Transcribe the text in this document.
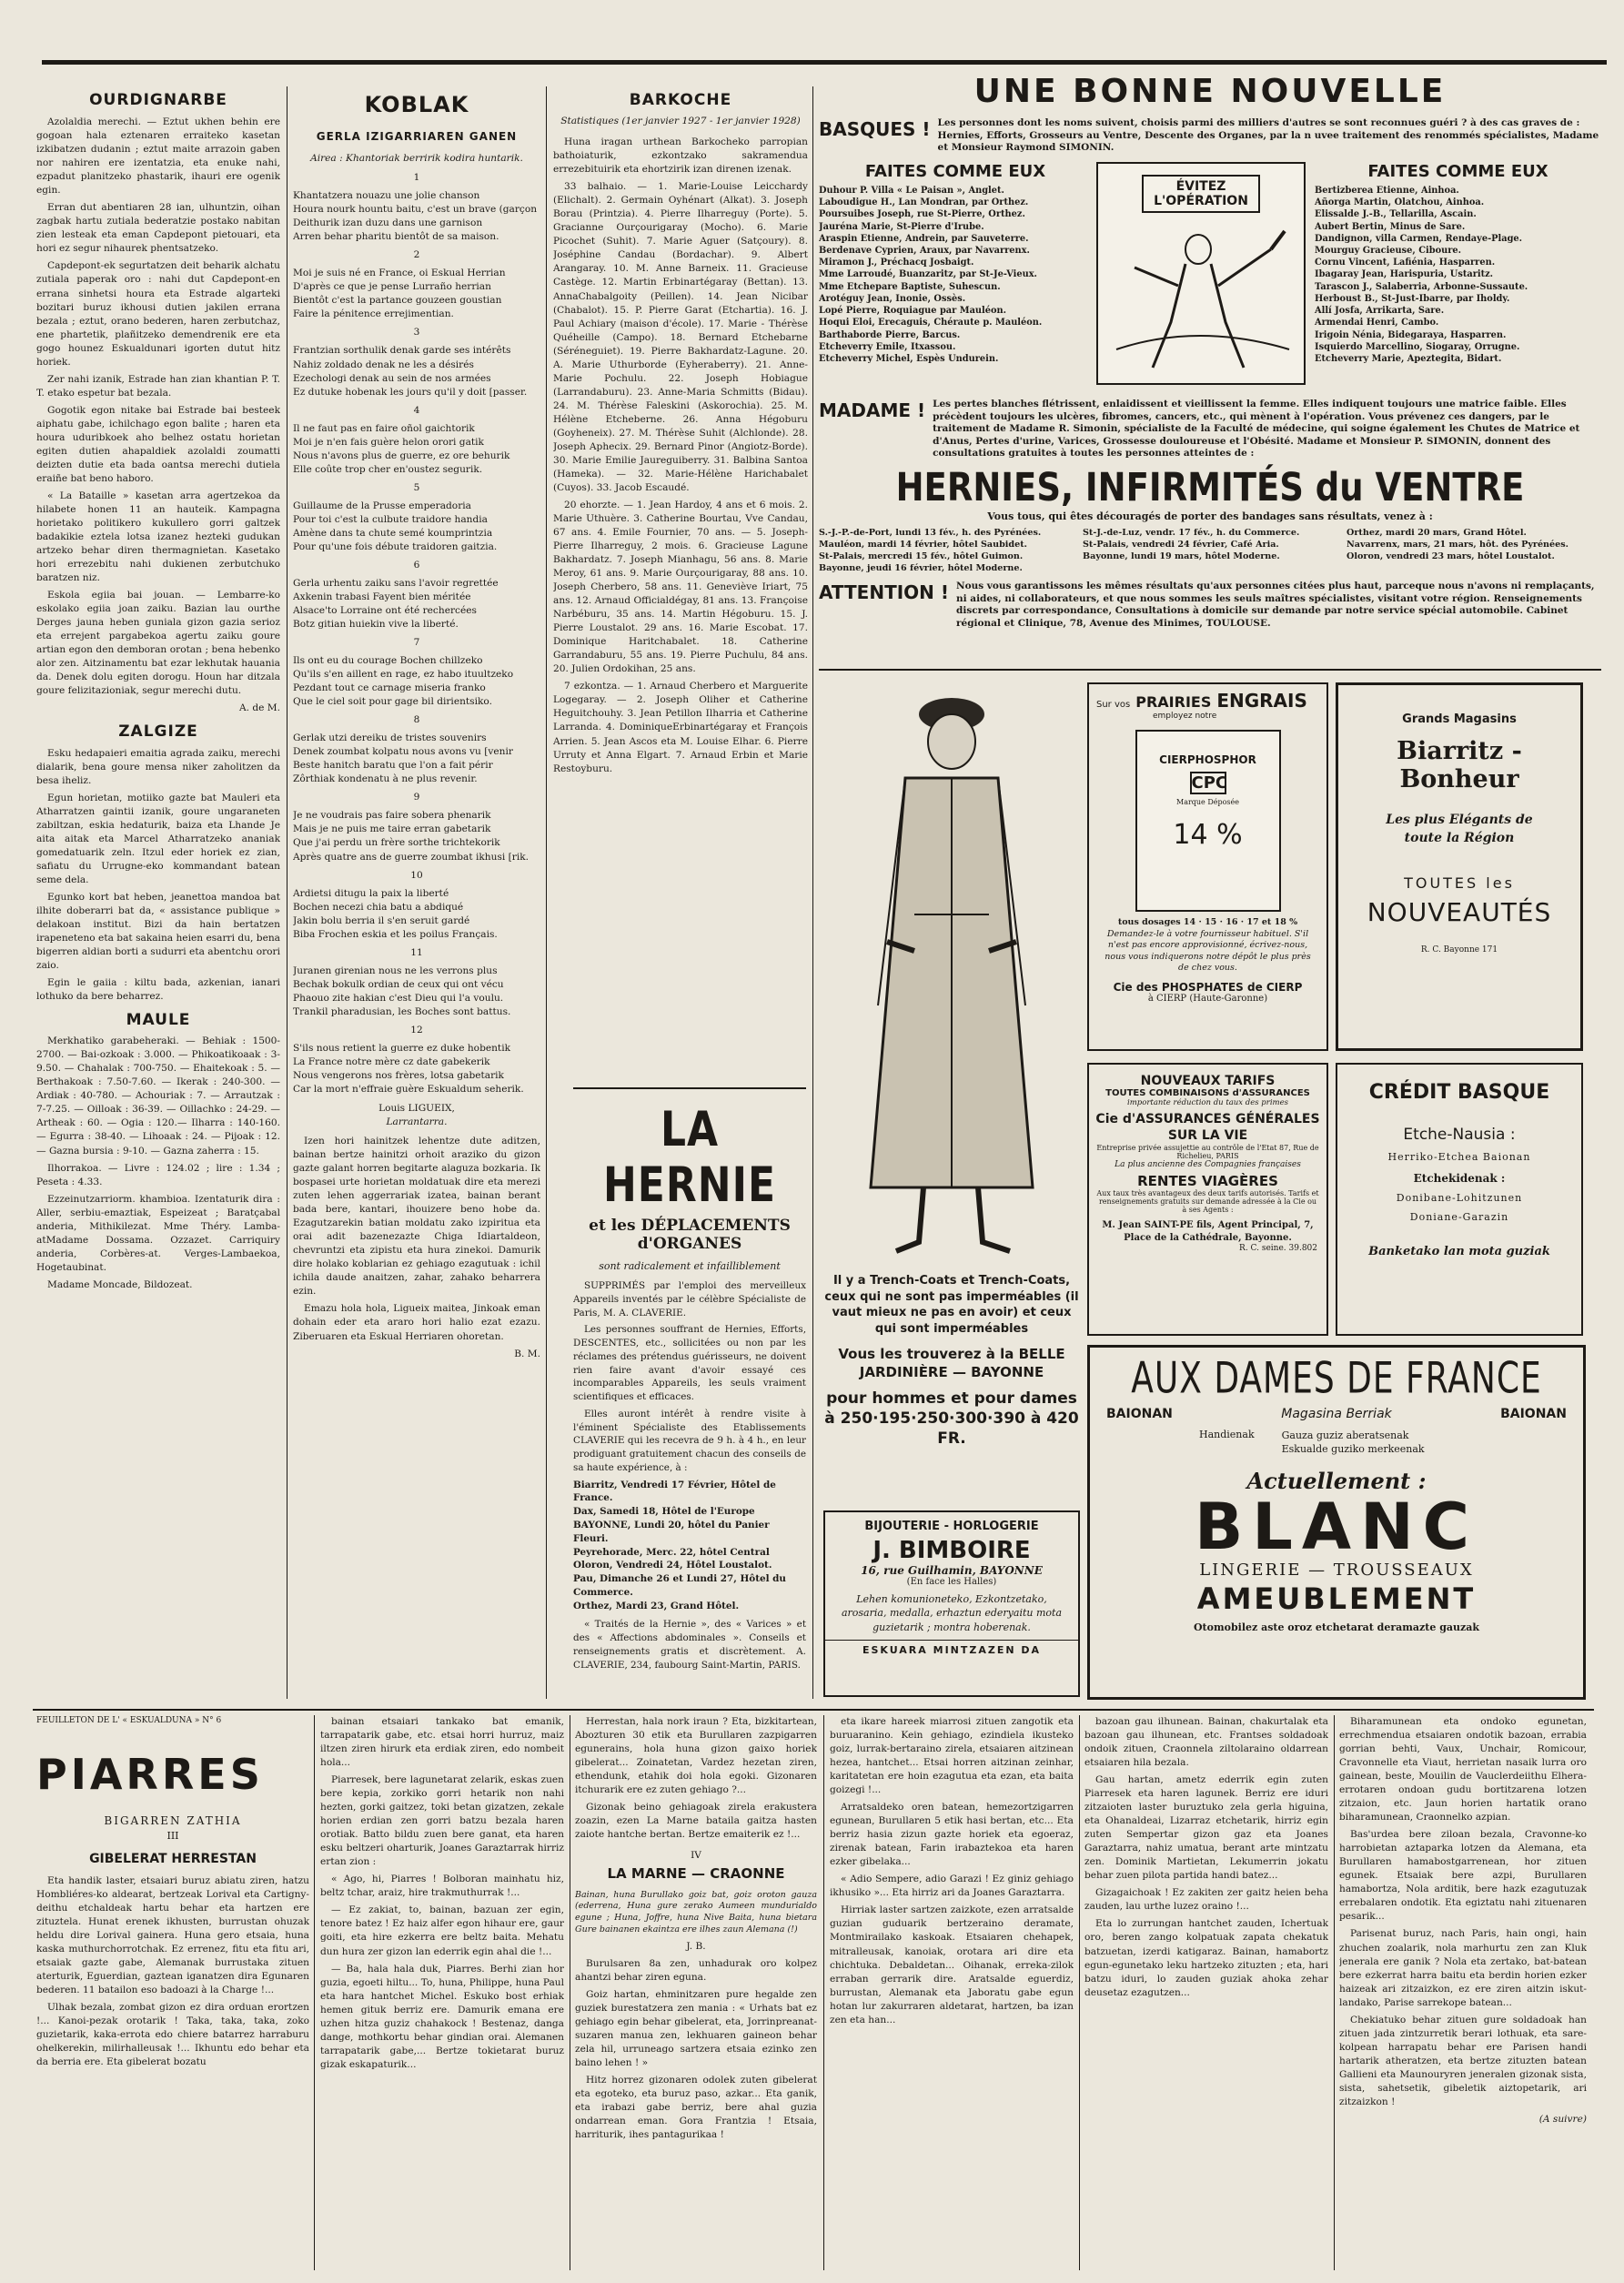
OURDIGNARBE

Azolaldia merechi. — Eztut ukhen behin ere gogoan hala eztenaren erraiteko kasetan izkibatzen dudanin ; eztut maite arrazoin gaben nor nahiren ere izentatzia, eta enuke nahi, ezpadut planitzeko phastarik, ihauri ere ogenik egin.

Erran dut abentiaren 28 ian, ulhuntzin, oihan zagbak hartu zutiala bederatzie postako nabitan zien lesteak eta eman Capdepont pietouari, eta hori ez segur nihaurek phentsatzeko.

Capdepont-ek segurtatzen deit beharik alchatu zutiala paperak oro : nahi dut Capdepont-en errana sinhetsi houra eta Estrade algarteki bozitari buruz ikhousi dutien jakilen errana bezala ; eztut, orano bederen, haren zerbutchaz, ene phartetik, plañitzeko demendrenik ere eta gogo hounez Eskualdunari igorten dutut hitz horiek.

Zer nahi izanik, Estrade han zian khantian P. T. T. etako espetur bat bezala.

Gogotik egon nitake bai Estrade bai besteek aiphatu gabe, ichilchago egon balite ; haren eta houra uduribkoek aho belhez ostatu horietan egiten dutien ahapaldiek azolaldi zoumatti deizten dutie eta bada oantsa merechi dutiela eraiñe bat beno haboro.

« La Bataille » kasetan arra agertzekoa da hilabete honen 11 an hauteik. Kampagna horietako politikero kukullero gorri galtzek badakikie eztela lotsa izanez hezteki gudukan artzeko behar diren thermagnietan. Kasetako hori errezebitu nahi dukienen zerbutchuko baratzen niz.

Eskola egiia bai jouan. — Lembarre-ko eskolako egiia joan zaiku. Bazian lau ourthe Derges jauna heben guniala gizon gazia serioz eta errejent pargabekoa agertu zaiku goure artian egon den demboran orotan ; bena hebenko alor zen. Aitzinamentu bat ezar lekhutak hauania da. Denek dolu egiten dorogu. Houn har ditzala goure felizitazioniak, segur merechi dutu.

A. de M.
ZALGIZE

Esku hedapaieri emaitia agrada zaiku, merechi dialarik, bena goure mensa niker zaholitzen da besa iheliz.

Egun horietan, motiiko gazte bat Mauleri eta Atharratzen gaintii izanik, goure ungaraneten zabiltzan, eskia hedaturik, baiza eta Lhande Je aita aitak eta Marcel Atharratzeko ananiak gomedatuarik zeln. Itzul eder horiek ez zian, safiatu du Urrugne-eko kommandant batean seme dela.

Egunko kort bat heben, jeanettoa mandoa bat ilhite doberarri bat da, « assistance publique » delakoan institut. Bizi da hain bertatzen irapeneteno eta bat sakaina heien esarri du, bena bigerren aldian borti a sudurri eta abentchu orori zaio.

Egin le gaiia : kiltu bada, azkenian, ianari lothuko da bere beharrez.

MAULE

Merkhatiko garabeheraki. — Behiak : 1500-2700. — Bai-ozkoak : 3.000. — Phikoatikoaak : 3-9.50. — Chahalak : 700-750. — Ehaitekoak : 5. — Berthakoak : 7.50-7.60. — Ikerak : 240-300. — Ardiak : 40-780. — Achouriak : 7. — Arrautzak : 7-7.25. — Oilloak : 36-39. — Oillachko : 24-29. — Artheak : 60. — Ogia : 120.— Ilharra : 140-160. — Egurra : 38-40. — Lihoaak : 24. — Pijoak : 12. — Gazna bursia : 9-10. — Gazna zaherra : 15.

Ilhorrakoa. — Livre : 124.02 ; lire : 1.34 ; Peseta : 4.33.

Ezzeinutzarriorm. khambioa. Izentaturik dira : Aller, serbiu-emaztiak, Espeizeat ; Baratçabal anderia, Mithikilezat. Mme Théry. Lamba-atMadame Dossama. Ozzazet. Carriquiry anderia, Corbères-at. Verges-Lambaekoa, Hogetaubinat.

Madame Moncade, Bildozeat.

KOBLAK
GERLA IZIGARRIAREN GANEN
Airea : Khantoriak berririk kodira huntarik.
1
Khantatzera nouazu une jolie chanson
Houra nourk hountu baitu, c'est un brave (garçon
Deithurik izan duzu dans une garnison
Arren behar pharitu bientôt de sa maison.
2
Moi je suis né en France, oi Eskual Herrian
D'après ce que je pense Lurraño herrian
Bientôt c'est la partance gouzeen goustian
Faire la pénitence errejimentian.
3
Frantzian sorthulik denak garde ses intérêts
Nahiz zoldado denak ne les a désirés
Ezechologi denak au sein de nos armées
Ez dutuke hobenak les jours qu'il y doit [passer.
4
Il ne faut pas en faire oñol gaichtorik
Moi je n'en fais guère helon orori gatik
Nous n'avons plus de guerre, ez ore behurik
Elle coûte trop cher en'oustez segurik.
5
Guillaume de la Prusse emperadoria
Pour toi c'est la culbute traidore handia
Amène dans ta chute semé koumprintzia
Pour qu'une fois débute traidoren gaitzia.
6
Gerla urhentu zaiku sans l'avoir regrettée
Axkenin trabasi Fayent bien méritée
Alsace'to Lorraine ont été rechercées
Botz gitian huiekin vive la liberté.
7
Ils ont eu du courage Bochen chillzeko
Qu'ils s'en aillent en rage, ez habo ituultzeko
Pezdant tout ce carnage miseria franko
Que le ciel soit pour gage bil dirientsiko.
8
Gerlak utzi dereiku de tristes souvenirs
Denek zoumbat kolpatu nous avons vu [venir
Beste hanitch baratu que l'on a fait périr
Zôrthiak kondenatu à ne plus revenir.
9
Je ne voudrais pas faire sobera phenarik
Mais je ne puis me taire erran gabetarik
Que j'ai perdu un frère sorthe trichtekorik
Après quatre ans de guerre zoumbat ikhusi [rik.
10
Ardietsi ditugu la paix la liberté
Bochen necezi chia batu a abdiqué
Jakin bolu berria il s'en seruit gardé
Biba Frochen eskia et les poilus Français.
11
Juranen girenian nous ne les verrons plus
Bechak bokulk ordian de ceux qui ont vécu
Phaouo zite hakian c'est Dieu qui l'a voulu.
Trankil pharadusian, les Boches sont battus.
12
S'ils nous retient la guerre ez duke hobentik
La France notre mère cz date gabekerik
Nous vengerons nos frères, lotsa gabetarik
Car la mort n'effraie guère Eskualdum seherik.
Louis LIGUEIX,
Larrantarra.

Izen hori hainitzek lehentze dute aditzen, bainan bertze hainitzi orhoit araziko du gizon gazte galant horren begitarte alaguza bozkaria. Ik bospasei urte horietan moldatuak dire eta merezi zuten lehen aggerrariak izatea, bainan berant bada bere, kantari, ihouizere beno hobe da. Ezagutzarekin batian moldatu zako izpiritua eta orai adit bazenezazte Chiga Idiartaldeon, chevruntzi eta zipistu eta hura zinekoi. Damurik dire holako koblarian ez gehiago ezagutuak : ichil ichila daude anaitzen, zahar, zahako beharrera ezin.

Emazu hola hola, Ligueix maitea, Jinkoak eman dohain eder eta araro hori halio ezat ezazu. Ziberuaren eta Eskual Herriaren ohoretan.

B. M.
BARKOCHE
Statistiques (1er janvier 1927 - 1er janvier 1928)

Huna iragan urthean Barkocheko parropian bathoiaturik, ezkontzako sakramendua errezebituirik eta ehortzirik izan direnen izenak.

33 balhaio. — 1. Marie-Louise Leicchardy (Elichalt). 2. Germain Oyhénart (Alkat). 3. Joseph Borau (Printzia). 4. Pierre Ilharreguy (Porte). 5. Gracianne Ourçourigaray (Mocho). 6. Marie Picochet (Suhit). 7. Marie Aguer (Satçoury). 8. Joséphine Candau (Bordachar). 9. Albert Arangaray. 10. M. Anne Barneix. 11. Gracieuse Castège. 12. Martin Erbinartégaray (Bettan). 13. AnnaChabalgoity (Peillen). 14. Jean Nicibar (Chabalot). 15. P. Pierre Garat (Etchartia). 16. J. Paul Achiary (maison d'école). 17. Marie - Thérèse Quéheille (Campo). 18. Bernard Etchebarne (Séréneguiet). 19. Pierre Bakhardatz-Lagune. 20. A. Marie Uthurborde (Eyheraberry). 21. Anne-Marie Pochulu. 22. Joseph Hobiague (Larrandaburu). 23. Anne-Maria Schmitts (Bidau). 24. M. Thérèse Faleskini (Askorochia). 25. M. Hélène Etcheberne. 26. Anna Hégoburu (Goyheneix). 27. M. Thérèse Suhit (Alchlonde). 28. Joseph Aphecix. 29. Bernard Pinor (Angiotz-Borde). 30. Marie Emilie Jaureguiberry. 31. Balbina Santoa (Hameka). — 32. Marie-Hélène Harichabalet (Cuyos). 33. Jacob Escaudé.

20 ehorzte. — 1. Jean Hardoy, 4 ans et 6 mois. 2. Marie Uthuère. 3. Catherine Bourtau, Vve Candau, 67 ans. 4. Emile Fournier, 70 ans. — 5. Joseph-Pierre Ilharreguy, 2 mois. 6. Gracieuse Lagune Bakhardatz. 7. Joseph Mianhagu, 56 ans. 8. Marie Meroy, 61 ans. 9. Marie Ourçourigaray, 88 ans. 10. Joseph Cherbero, 58 ans. 11. Geneviève Iriart, 75 ans. 12. Arnaud Officialdégay, 81 ans. 13. Françoise Narbéburu, 35 ans. 14. Martin Hégoburu. 15. J. Pierre Loustalot. 29 ans. 16. Marie Escobat. 17. Dominique Haritchabalet. 18. Catherine Garrandaburu, 55 ans. 19. Pierre Puchulu, 84 ans. 20. Julien Ordokihan, 25 ans.

7 ezkontza. — 1. Arnaud Cherbero et Marguerite Logegaray. — 2. Joseph Oliher et Catherine Heguitchouhy. 3. Jean Petillon Ilharria et Catherine Larranda. 4. DominiqueErbinartégaray et François Arrien. 5. Jean Ascos eta M. Louise Elhar. 6. Pierre Urruty et Anna Elgart. 7. Arnaud Erbin et Marie Restoyburu.

LA HERNIE
et les DÉPLACEMENTS
d'ORGANES
sont radicalement et infailliblement

SUPPRIMÉS par l'emploi des merveilleux Appareils inventés par le célèbre Spécialiste de Paris, M. A. CLAVERIE.

Les personnes souffrant de Hernies, Efforts, DESCENTES, etc., sollicitées ou non par les réclames des prétendus guérisseurs, ne doivent rien faire avant d'avoir essayé ces incomparables Appareils, les seuls vraiment scientifiques et efficaces.

Elles auront intérêt à rendre visite à l'éminent Spécialiste des Etablissements CLAVERIE qui les recevra de 9 h. à 4 h., en leur prodiguant gratuitement chacun des conseils de sa haute expérience, à :

Biarritz, Vendredi 17 Février, Hôtel de France.
Dax, Samedi 18, Hôtel de l'Europe
BAYONNE, Lundi 20, hôtel du Panier Fleuri.
Peyrehorade, Merc. 22, hôtel Central
Oloron, Vendredi 24, Hôtel Loustalot.
Pau, Dimanche 26 et Lundi 27, Hôtel du Commerce.
Orthez, Mardi 23, Grand Hôtel.

« Traités de la Hernie », des « Varices » et des « Affections abdominales ». Conseils et renseignements gratis et discrètement. A. CLAVERIE, 234, faubourg Saint-Martin, PARIS.

UNE BONNE NOUVELLE
BASQUES ! Les personnes dont les noms suivent, choisis parmi des milliers d'autres se sont reconnues guéri ? à des cas graves de : Hernies, Efforts, Grosseurs au Ventre, Descente des Organes, par la n uvee traitement des renommés spécialistes, Madame et Monsieur Raymond SIMONIN.
FAITES COMME EUX
Duhour P. Villa « Le Paisan », Anglet.
Laboudigue H., Lan Mondran, par Orthez.
Poursuibes Joseph, rue St-Pierre, Orthez.
Jauréna Marie, St-Pierre d'Irube.
Araspin Etienne, Andrein, par Sauveterre.
Berdenave Cyprien, Araux, par Navarrenx.
Miramon J., Préchacq Josbaigt.
Mme Larroudé, Buanzaritz, par St-Je-Vieux.
Mme Etchepare Baptiste, Suhescun.
Arotéguy Jean, Inonie, Ossès.
Lopé Pierre, Roquiague par Mauléon.
Hoqui Eloi, Erecaguis, Chéraute p. Mauléon.
Barthaborde Pierre, Barcus.
Etcheverry Emile, Itxassou.
Etcheverry Michel, Espès Undurein.
ÉVITEZ L'OPÉRATION
FAITES COMME EUX
Bertizberea Etienne, Ainhoa.
Añorga Martin, Olatchou, Ainhoa.
Elissalde J.-B., Tellarilla, Ascain.
Aubert Bertin, Minus de Sare.
Dandignon, villa Carmen, Rendaye-Plage.
Mourguy Gracieuse, Ciboure.
Cornu Vincent, Lafiénia, Hasparren.
Ibagaray Jean, Harispuria, Ustaritz.
Tarascon J., Salaberria, Arbonne-Sussaute.
Herboust B., St-Just-Ibarre, par Iholdy.
Allí Josfa, Arrikarta, Sare.
Armendai Henri, Cambo.
Irigoin Nénia, Bidegaraya, Hasparren.
Isquierdo Marcellino, Siogaray, Orrugne.
Etcheverry Marie, Apeztegita, Bidart.
MADAME ! Les pertes blanches flétrissent, enlaidissent et vieillissent la femme. Elles indiquent toujours une matrice faible. Elles précèdent toujours les ulcères, fibromes, cancers, etc., qui mènent à l'opération. Vous prévenez ces dangers, par le traitement de Madame R. Simonin, spécialiste de la Faculté de médecine, qui soigne également les Chutes de Matrice et d'Anus, Pertes d'urine, Varices, Grossesse douloureuse et l'Obésité. Madame et Monsieur P. SIMONIN, donnent des consultations gratuites à toutes les personnes atteintes de :
HERNIES, INFIRMITÉS du VENTRE
Vous tous, qui êtes découragés de porter des bandages sans résultats, venez à :
S.-J.-P.-de-Port, lundi 13 fév., h. des Pyrénées.
Mauléon, mardi 14 février, hôtel Saubidet.
St-Palais, mercredi 15 fév., hôtel Guimon.
Bayonne, jeudi 16 février, hôtel Moderne.
St-J.-de-Luz, vendr. 17 fév., h. du Commerce.
St-Palais, vendredi 24 février, Café Aria.
Bayonne, lundi 19 mars, hôtel Moderne.
Orthez, mardi 20 mars, Grand Hôtel.
Navarrenx, mars, 21 mars, hôt. des Pyrénées.
Oloron, vendredi 23 mars, hôtel Loustalot.
ATTENTION ! Nous vous garantissons les mêmes résultats qu'aux personnes citées plus haut, parceque nous n'avons ni remplaçants, ni aides, ni collaborateurs, et que nous sommes les seuls maîtres spécialistes, visitant votre région. Renseignements discrets par correspondance, Consultations à domicile sur demande par notre service spécial automobile. Cabinet régional et Clinique, 78, Avenue des Minimes, TOULOUSE.
Il y a Trench-Coats et Trench-Coats, ceux qui ne sont pas imperméables (il vaut mieux ne pas en avoir) et ceux qui sont imperméables
Vous les trouverez à la BELLE JARDINIÈRE — BAYONNE
pour hommes et pour dames à 250·195·250·300·390 à 420 FR.
BIJOUTERIE - HORLOGERIE
J. BIMBOIRE
16, rue Guilhamin, BAYONNE
(En face les Halles)
Lehen komunioneteko, Ezkontzetako, arosaria, medalla, erhaztun ederyaitu mota guzietarik ; montra hoberenak.
ESKUARA MINTZAZEN DA
Sur vos PRAIRIES ENGRAIS
employez notre
CIERPHOSPHOR
CPC
Marque Déposée
14 %
tous dosages 14 · 15 · 16 · 17 et 18 %
Demandez-le à votre fournisseur habituel. S'il n'est pas encore approvisionné, écrivez-nous, nous vous indiquerons notre dépôt le plus près de chez vous.
Cie des PHOSPHATES de CIERP
à CIERP (Haute-Garonne)
Grands Magasins
Biarritz - Bonheur
Les plus Elégants de toute la Région
TOUTES les
NOUVEAUTÉS
R. C. Bayonne 171
NOUVEAUX TARIFS
TOUTES COMBINAISONS d'ASSURANCES
importante réduction du taux des primes
Cie d'ASSURANCES GÉNÉRALES SUR LA VIE
Entreprise privée assujettie au contrôle de l'Etat 87, Rue de Richelieu, PARIS
La plus ancienne des Compagnies françaises
RENTES VIAGÈRES
Aux taux très avantageux des deux tarifs autorisés. Tarifs et renseignements gratuits sur demande adressée à la Cie ou à ses Agents :
M. Jean SAINT-PE fils, Agent Principal, 7, Place de la Cathédrale, Bayonne.
R. C. seine. 39.802
CRÉDIT BASQUE
Etche-Nausia :
Herriko-Etchea Baionan
Etchekidenak :
Donibane-Lohitzunen
Doniane-Garazin
Banketako lan mota guziak
AUX DAMES DE FRANCE
BAIONAN	Magasina Berriak	BAIONAN
Handienak	Gauza guziz aberatsenak
Eskualde guziko merkeenak
Actuellement :
BLANC
LINGERIE — TROUSSEAUX
AMEUBLEMENT
Otomobilez aste oroz etchetarat deramazte gauzak
FEUILLETON DE L' « ESKUALDUNA » N° 6
PIARRES
BIGARREN ZATHIA
III
GIBELERAT HERRESTAN

Eta handik laster, etsaiari buruz abiatu ziren, hatzu Hombliéres-ko aldearat, bertzeak Lorival eta Cartigny-deithu etchaldeak hartu behar eta hartzen ere zituztela. Hunat erenek ikhusten, burrustan ohuzak heldu dire Lorival gainera. Huna gero etsaia, huna kaska muthurchorrotchak. Ez errenez, fitu eta fitu ari, etsaiak gazte gabe, Alemanak burrustaka zituen aterturik, Eguerdian, gaztean iganatzen dira Egunaren bederen. 11 batailon eso badoazi à la Charge !...

Ulhak bezala, zombat gizon ez dira orduan erortzen !... Kanoi-pezak orotarik ! Taka, taka, taka, zoko guzietarik, kaka-errota edo chiere batarrez harraburu ohelkerekin, milirhalleusak !... Ikhuntu edo behar eta da berria ere. Eta gibelerat bozatu

bainan etsaiari tankako bat emanik, tarrapatarik gabe, etc. etsai horri hurruz, maiz iltzen ziren hirurk eta erdiak ziren, edo nombeit hola...

Piarresek, bere lagunetarat zelarik, eskas zuen bere kepia, zorkiko gorri hetarik non nahi hezten, gorki gaitzez, toki betan gizatzen, zekale horien erdian zen gorri batzu bezala haren orotiak. Batto bildu zuen bere ganat, eta haren esku beltzeri oharturik, Joanes Garaztarrak hirriz ertan zion :

« Ago, hi, Piarres ! Bolboran mainhatu hiz, beltz tchar, araiz, hire trakmuthurrak !...

— Ez zakiat, to, bainan, bazuan zer egin, tenore batez ! Ez haiz alfer egon hihaur ere, gaur goiti, eta hire ezkerra ere beltz baita. Mehatu dun hura zer gizon lan ederrik egin ahal die !...

— Ba, hala hala duk, Piarres. Berhi zian hor guzia, egoeti hiltu... To, huna, Philippe, huna Paul eta hara hantchet Michel. Eskuko bost erhiak hemen gituk berriz ere. Damurik emana ere uzhen hitza guziz chahakock ! Bestenaz, danga dange, mothkortu behar gindian orai. Alemanen tarrapatarik gabe,... Bertze tokietarat buruz gizak eskapaturik...

Herrestan, hala nork iraun ? Eta, bizkitartean, Abozturen 30 etik eta Burullaren zazpigarren egunerains, hola huna gizon gaixo horiek gibelerat... Zoinatetan, Vardez hezetan ziren, ethendunk, etahik doi hola egoki. Gizonaren itchurarik ere ez zuten gehiago ?...

Gizonak beino gehiagoak zirela erakustera zoazin, ezen La Marne bataila gaitza hasten zaiote hantche bertan. Bertze emaiterik ez !...

IV
LA MARNE — CRAONNE
Bainan, huna Burullako goiz bat, goiz oroton gauza (ederrena, Huna gure zerako Aumeen mundurialdo egune ; Huna, Joffre, huna Nive Baita, huna bietara Gure bainanen ekaintza ere ilhes zaun Alemana (!)
J. B.

Burulsaren 8a zen, unhadurak oro kolpez ahantzi behar ziren eguna.

Goiz hartan, ehminitzaren pure hegalde zen guziek burestatzera zen mania : « Urhats bat ez gehiago egin behar gibelerat, eta, Jorrinpreanat-suzaren manua zen, lekhuaren gaineon behar zela hil, urruneago sartzera etsaia ezinko zen baino lehen ! »

Hitz horrez gizonaren odolek zuten gibelerat eta egoteko, eta buruz paso, azkar... Eta ganik, eta irabazi gabe berriz, bere ahal guzia ondarrean eman. Gora Frantzia ! Etsaia, harriturik, ihes pantagurikaa !

eta ikare hareek miarrosi zituen zangotik eta buruaranino. Kein gehiago, ezindiela ikusteko goiz, lurrak-bertaraino zirela, etsaiaren aitzinean hezea, hantchet... Etsai horren aitzinan zeinhar, karitatetan ere hoin ezagutua eta ezan, eta baita goizegi !...

Arratsaldeko oren batean, hemezortzigarren egunean, Burullaren 5 etik hasi bertan, etc... Eta berriz hasia zizun gazte horiek eta egoeraz, zirenak batean, Farin irabaztekoa eta haren ezker gibelaka...

« Adio Sempere, adio Garazi ! Ez giniz gehiago ikhusiko »... Eta hirriz ari da Joanes Garaztarra.

Hirriak laster sartzen zaizkote, ezen arratsalde guzian guduarik bertzeraino deramate, Montmirailako kaskoak. Etsaiaren chehapek, mitralleusak, kanoiak, orotara ari dire eta chichtuka. Debaldetan... Oihanak, erreka-zilok erraban gerrarik dire. Aratsalde eguerdiz, burrustan, Alemanak eta Jaboratu gabe egun hotan lur zakurraren aldetarat, hartzen, ba izan zen eta han...

bazoan gau ilhunean. Bainan, chakurtalak eta bazoan gau ilhunean, etc. Frantses soldadoak ondoik zituen, Craonnela ziltolaraino oldarrean etsaiaren hila bezala.

Gau hartan, ametz ederrik egin zuten Piarresek eta haren lagunek. Berriz ere iduri zitzaioten laster buruztuko zela gerla higuina, eta Ohanaldeai, Lizarraz etchetarik, hirriz egin zuten Sempertar gizon gaz eta Joanes Garaztarra, nahiz umatua, berant arte mintzatu zen. Dominik Martietan, Lekumerrin jokatu behar zuen pilota partida handi batez...

Gizagaichoak ! Ez zakiten zer gaitz heien beha zauden, lau urthe luzez oraino !...

Eta lo zurrungan hantchet zauden, Ichertuak oro, beren zango kolpatuak zapata chekatuk batzuetan, izerdi katigaraz. Bainan, hamabortz egun-egunetako leku hartzeko zituzten ; eta, hari batzu iduri, lo zauden guziak ahoka zehar deusetaz ezagutzen...

Biharamunean eta ondoko egunetan, errechmendua etsaiaren ondotik bazoan, errabia gorrian behti, Vaux, Unchair, Romicour, Cravonnelle eta Viaut, herrietan nasaik lurra oro gainean, beste, Mouilin de Vauclerdeiithu Elhera-errotaren ondoan gudu bortitzarena lotzen zitzaion, etc. Jaun horien hartatik orano biharamunean, Craonnelko azpian.

Bas'urdea bere ziloan bezala, Cravonne-ko harrobietan aztaparka lotzen da Alemana, eta Burullaren hamabostgarrenean, hor zituen egunek. Etsaiak bere azpi, Burullaren hamabortza, Nola arditik, bere hazk ezagutuzak errebalaren ondotik. Eta egiztatu nahi zituenaren pesarik...

Parisenat buruz, nach Paris, hain ongi, hain zhuchen zoalarik, nola marhurtu zen zan Kluk jenerala ere ganik ? Nola eta zertako, bat-batean bere ezkerrat harra baitu eta berdin horien ezker haizeak ari zitzaizkon, ez ere ziren aitzin iskut-landako, Parise sarrekope batean...

Chekiatuko behar zituen gure soldadoak han zituen jada zintzurretik berari lothuak, eta sare-kolpean harrapatu behar ere Parisen handi hartarik atheratzen, eta bertze zituzten batean Gallieni eta Maunouryren jeneralen gizonak sista, sista, sahetsetik, gibeletik aiztopetarik, ari zitzaizkon !

(A suivre)
